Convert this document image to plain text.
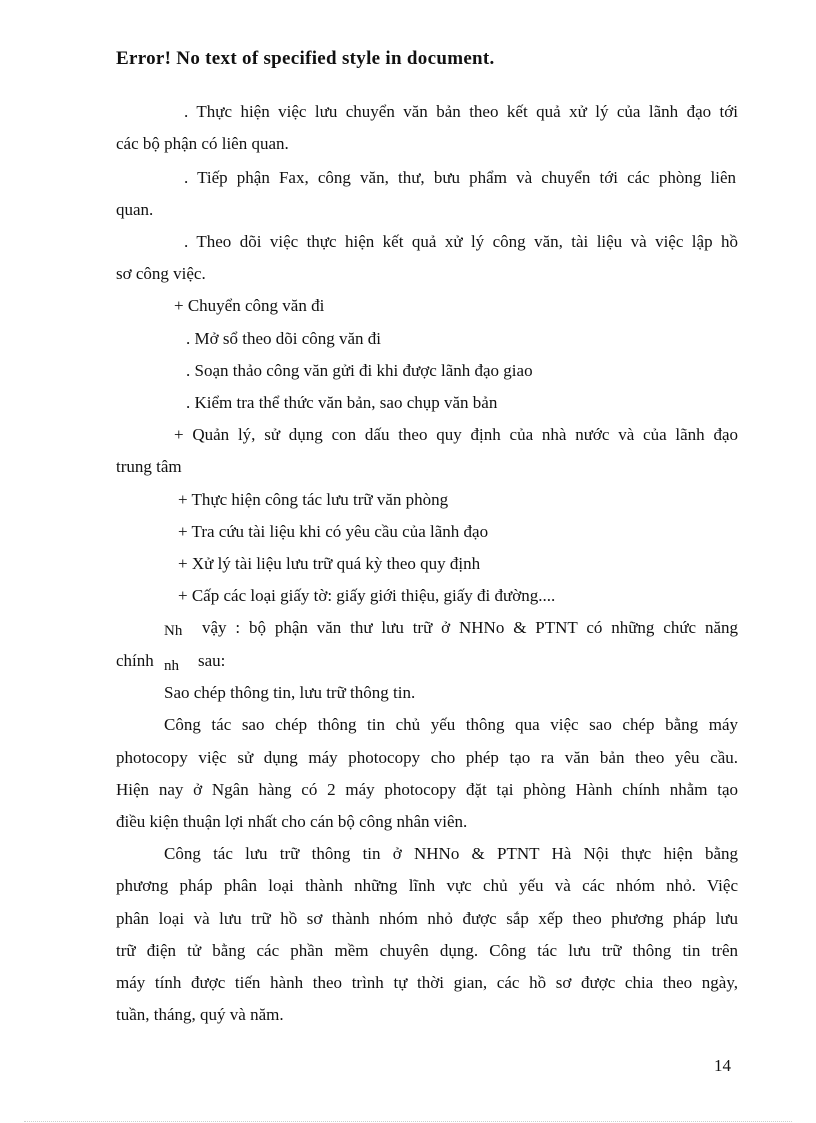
Error! No text of specified style in document.
. Thực hiện việc lưu chuyển văn bản theo kết quả xử lý của lãnh đạo tới
các bộ phận có liên quan.
. Tiếp phận Fax, công văn, thư, bưu phẩm và chuyển tới các phòng liên
quan.
. Theo dõi việc thực hiện kết quả xử lý công văn, tài liệu và việc lập hồ
sơ công việc.
+ Chuyển công văn đi
. Mở sổ theo dõi công văn đi
. Soạn thảo công văn gửi đi khi được lãnh đạo giao
. Kiểm tra thể thức văn bản, sao chụp văn bản
+ Quản lý, sử dụng con dấu theo quy định của nhà nước và của lãnh đạo
trung tâm
+ Thực hiện công tác lưu trữ văn phòng
+ Tra cứu tài liệu khi có yêu cầu của lãnh đạo
+ Xử lý tài liệu lưu trữ quá kỳ theo quy định
+ Cấp các loại giấy tờ: giấy giới thiệu, giấy đi đường....
Nh vậy : bộ phận văn thư lưu trữ ở NHNo & PTNT có những chức năng
chính nh sau:
Sao chép thông tin, lưu trữ thông tin.
Công tác sao chép thông tin chủ yếu thông qua việc sao chép bằng máy
photocopy việc sử dụng máy photocopy cho phép tạo ra văn bản theo yêu cầu.
Hiện nay ở Ngân hàng có 2 máy photocopy đặt tại phòng Hành chính nhằm tạo
điều kiện thuận lợi nhất cho cán bộ công nhân viên.
Công tác lưu trữ thông tin ở NHNo & PTNT Hà Nội thực hiện bằng
phương pháp phân loại thành những lĩnh vực chủ yếu và các nhóm nhỏ. Việc
phân loại và lưu trữ hồ sơ thành nhóm nhỏ được sắp xếp theo phương pháp lưu
trữ điện tử bằng các phần mềm chuyên dụng. Công tác lưu trữ thông tin trên
máy tính được tiến hành theo trình tự thời gian, các hồ sơ được chia theo ngày,
tuần, tháng, quý và năm.
14
